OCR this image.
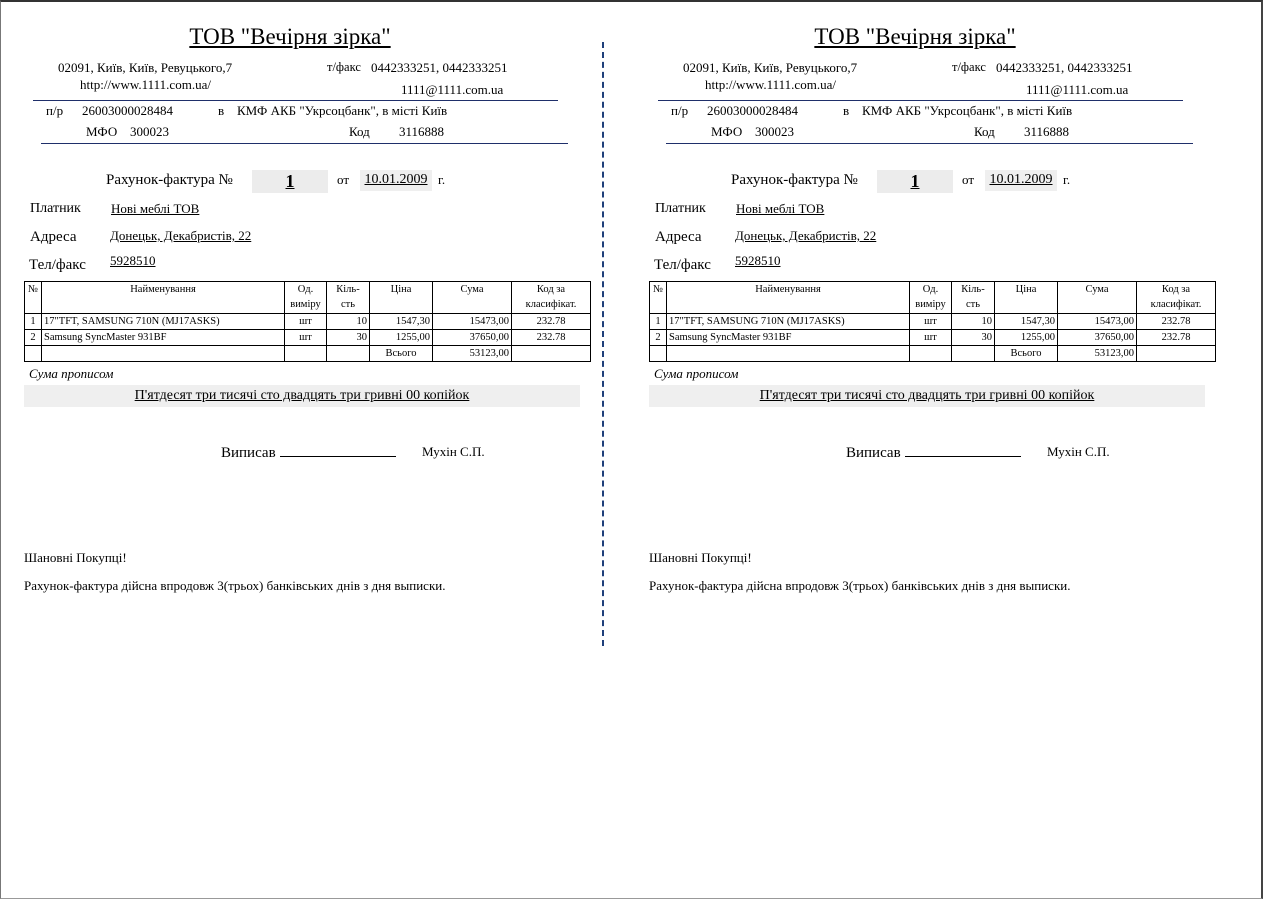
ТОВ "Вечірня зірка"
02091, Київ, Київ, Ревуцького,7	т/факс 0442333251, 0442333251
http://www.1111.com.ua/	1111@1111.com.ua
п/р 26003000028484	в КМФ АКБ "Укрсоцбанк", в місті Київ
МФО 300023	Код 3116888
Рахунок-фактура №	1	от	10.01.2009 г.
Платник Нові меблі ТОВ
Адреса	Донецьк, Декабристів, 22
Тел/факс 5928510
№	Найменування	Од. виміру	Кіль- сть	Ціна	Сума	Код за класифікат.
1	17"TFT, SAMSUNG 710N (MJ17ASKS)	шт	10	1547,30	15473,00	232.78
2	Samsung SyncMaster 931BF	шт	30	1255,00	37650,00	232.78
				Всього	53123,00	
Сума прописом
П'ятдесят три тисячі сто двадцять три гривні 00 копійок
Виписав	Мухін С.П.
Шановні Покупці!
Рахунок-фактура дійсна впродовж 3(трьох) банківських днів з дня выписки.
ТОВ "Вечірня зірка"
02091, Київ, Київ, Ревуцького,7	т/факс 0442333251, 0442333251
http://www.1111.com.ua/	1111@1111.com.ua
п/р 26003000028484	в КМФ АКБ "Укрсоцбанк", в місті Київ
МФО 300023	Код 3116888
Рахунок-фактура №	1	от	10.01.2009 г.
Платник Нові меблі ТОВ
Адреса	Донецьк, Декабристів, 22
Тел/факс 5928510
№	Найменування	Од. виміру	Кіль- сть	Ціна	Сума	Код за класифікат.
1	17"TFT, SAMSUNG 710N (MJ17ASKS)	шт	10	1547,30	15473,00	232.78
2	Samsung SyncMaster 931BF	шт	30	1255,00	37650,00	232.78
				Всього	53123,00	
Сума прописом
П'ятдесят три тисячі сто двадцять три гривні 00 копійок
Виписав	Мухін С.П.
Шановні Покупці!
Рахунок-фактура дійсна впродовж 3(трьох) банківських днів з дня выписки.
